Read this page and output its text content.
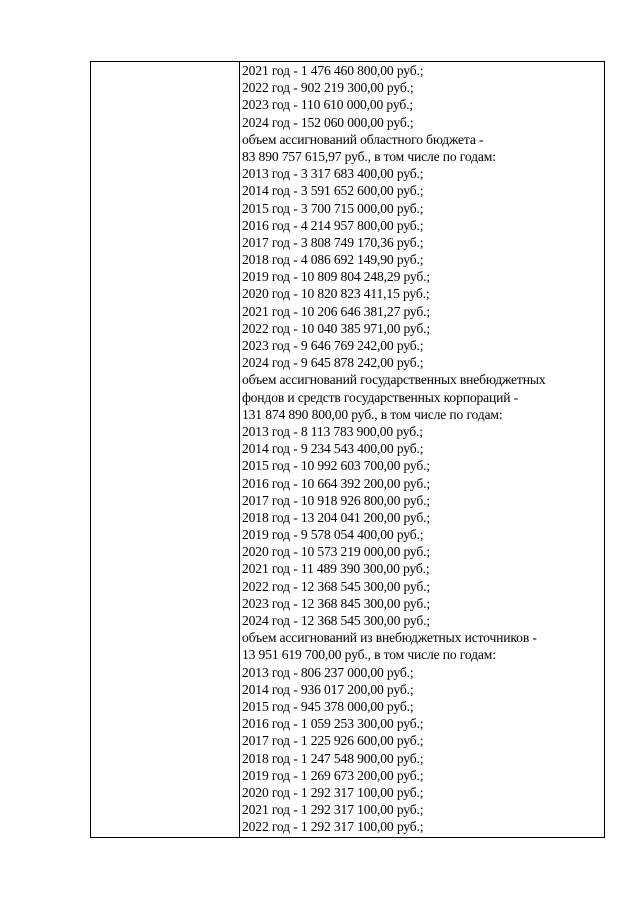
2021 год - 1 476 460 800,00 руб.;
2022 год - 902 219 300,00 руб.;
2023 год - 110 610 000,00 руб.;
2024 год - 152 060 000,00 руб.;
объем ассигнований областного бюджета -
83 890 757 615,97 руб., в том числе по годам:
2013 год - 3 317 683 400,00 руб.;
2014 год - 3 591 652 600,00 руб.;
2015 год - 3 700 715 000,00 руб.;
2016 год - 4 214 957 800,00 руб.;
2017 год - 3 808 749 170,36 руб.;
2018 год - 4 086 692 149,90 руб.;
2019 год - 10 809 804 248,29 руб.;
2020 год - 10 820 823 411,15 руб.;
2021 год - 10 206 646 381,27 руб.;
2022 год - 10 040 385 971,00 руб.;
2023 год - 9 646 769 242,00 руб.;
2024 год - 9 645 878 242,00 руб.;
объем ассигнований государственных внебюджетных
фондов и средств государственных корпораций -
131 874 890 800,00 руб., в том числе по годам:
2013 год - 8 113 783 900,00 руб.;
2014 год - 9 234 543 400,00 руб.;
2015 год - 10 992 603 700,00 руб.;
2016 год - 10 664 392 200,00 руб.;
2017 год - 10 918 926 800,00 руб.;
2018 год - 13 204 041 200,00 руб.;
2019 год - 9 578 054 400,00 руб.;
2020 год - 10 573 219 000,00 руб.;
2021 год - 11 489 390 300,00 руб.;
2022 год - 12 368 545 300,00 руб.;
2023 год - 12 368 845 300,00 руб.;
2024 год - 12 368 545 300,00 руб.;
объем ассигнований из внебюджетных источников -
13 951 619 700,00 руб., в том числе по годам:
2013 год - 806 237 000,00 руб.;
2014 год - 936 017 200,00 руб.;
2015 год - 945 378 000,00 руб.;
2016 год - 1 059 253 300,00 руб.;
2017 год - 1 225 926 600,00 руб.;
2018 год - 1 247 548 900,00 руб.;
2019 год - 1 269 673 200,00 руб.;
2020 год - 1 292 317 100,00 руб.;
2021 год - 1 292 317 100,00 руб.;
2022 год - 1 292 317 100,00 руб.;
